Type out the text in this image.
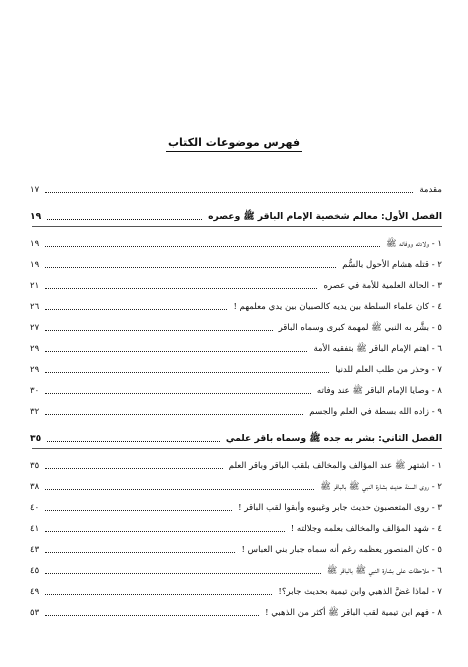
فهرس موضوعات الكتاب
مقدمة
١٧
الفصل الأول: معالم شخصية الإمام الباقر ﷺ وعصره
١٩
١ - ولادته ووفاته ﷺ
١٩
٢ - قتله هشام الأحول بالسُّم
١٩
٣ - الحالة العلمية للأمة في عصره
٢١
٤ - كان علماء السلطة بين يديه كالصبيان بين يدي معلمهم !
٢٦
٥ - بشَّر به النبي ﷺ لمهمة كبرى وسماه الباقر
٢٧
٦ - اهتم الإمام الباقر ﷺ بتفقيه الأمة
٢٩
٧ - وحذر من طلب العلم للدنيا
٢٩
٨ - وصايا الإمام الباقر ﷺ عند وفاته
٣٠
٩ - زاده الله بسطة في العلم والجسم
٣٢
الفصل الثاني: بشر به جده ﷺ وسماه باقر علمي
٣٥
١ - اشتهر ﷺ عند المؤالف والمخالف بلقب الباقر وباقر العلم
٣٥
٢ - روى السنة حديث بشارة النبي ﷺ بالباقر ﷺ
٣٨
٣ - روى المتعصبون حديث جابر وغيبوه وأبقوا لقب الباقر !
٤٠
٤ - شهد المؤالف والمخالف بعلمه وجلالته !
٤١
٥ - كان المنصور يعظمه رغم أنه سماه جبار بني العباس !
٤٣
٦ - ملاحظات على بشارة النبي ﷺ بالباقر ﷺ
٤٥
٧ - لماذا غضَّ الذهبي وابن تيمية بحديث جابر؟!
٤٩
٨ - فهم ابن تيمية لقب الباقر ﷺ أكثر من الذهبي !
٥٣
